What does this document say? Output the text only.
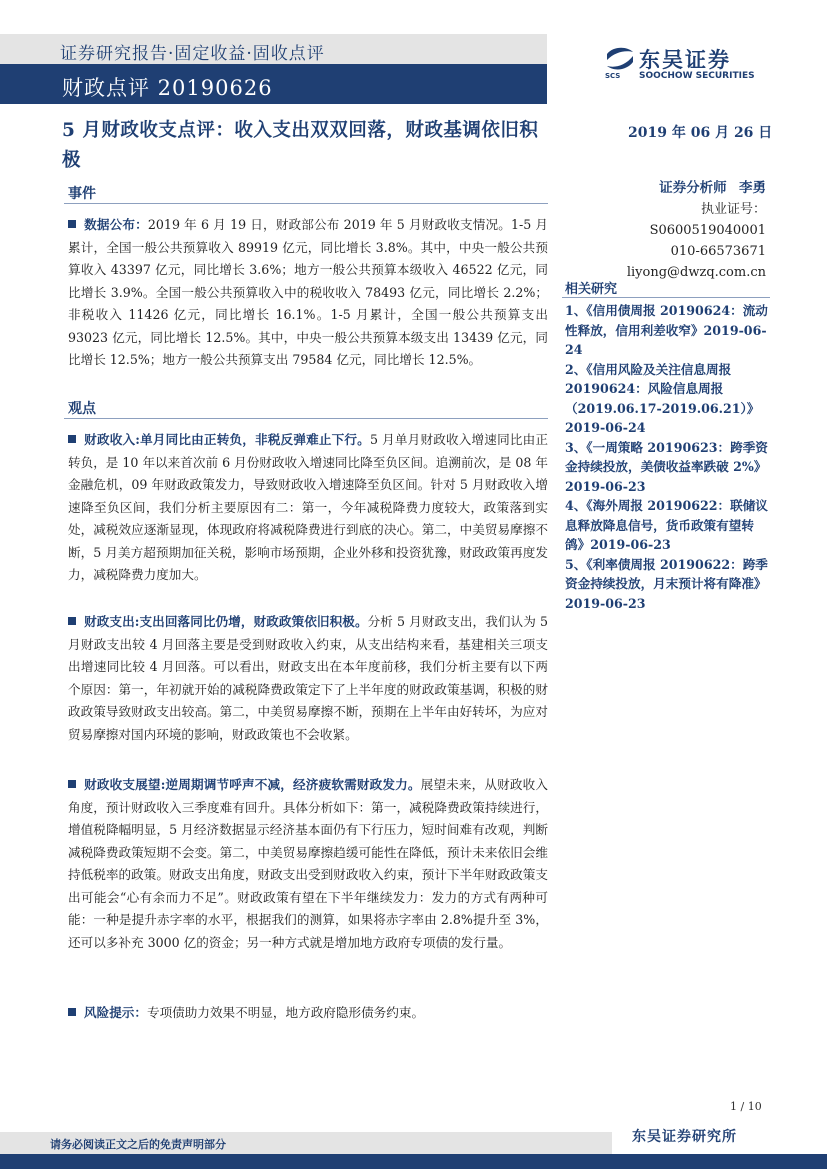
证券研究报告·固定收益·固收点评
财政点评 20190626	SCS
东吴证券
SOOCHOW SECURITIES
5 月财政收支点评：收入支出双双回落，财政基调依旧积极
2019 年 06 月 26 日
事件
数据公布：2019 年 6 月 19 日，财政部公布 2019 年 5 月财政收支情况。1-5 月累计，全国一般公共预算收入 89919 亿元，同比增长 3.8%。其中，中央一般公共预算收入 43397 亿元，同比增长 3.6%；地方一般公共预算本级收入 46522 亿元，同比增长 3.9%。全国一般公共预算收入中的税收收入 78493 亿元，同比增长 2.2%；非税收入 11426 亿元，同比增长 16.1%。1-5 月累计，全国一般公共预算支出 93023 亿元，同比增长 12.5%。其中，中央一般公共预算本级支出 13439 亿元，同比增长 12.5%；地方一般公共预算支出 79584 亿元，同比增长 12.5%。
观点
财政收入:单月同比由正转负，非税反弹难止下行。5 月单月财政收入增速同比由正转负，是 10 年以来首次前 6 月份财政收入增速同比降至负区间。追溯前次，是 08 年金融危机，09 年财政政策发力，导致财政收入增速降至负区间。针对 5 月财政收入增速降至负区间，我们分析主要原因有二：第一，今年减税降费力度较大，政策落到实处，减税效应逐渐显现，体现政府将减税降费进行到底的决心。第二，中美贸易摩擦不断，5 月美方超预期加征关税，影响市场预期，企业外移和投资犹豫，财政政策再度发力，减税降费力度加大。
财政支出:支出回落同比仍增，财政政策依旧积极。分析 5 月财政支出，我们认为 5 月财政支出较 4 月回落主要是受到财政收入约束，从支出结构来看，基建相关三项支出增速同比较 4 月回落。可以看出，财政支出在本年度前移，我们分析主要有以下两个原因：第一，年初就开始的减税降费政策定下了上半年度的财政政策基调，积极的财政政策导致财政支出较高。第二，中美贸易摩擦不断，预期在上半年由好转坏，为应对贸易摩擦对国内环境的影响，财政政策也不会收紧。
财政收支展望:逆周期调节呼声不减，经济疲软需财政发力。展望未来，从财政收入角度，预计财政收入三季度难有回升。具体分析如下：第一，减税降费政策持续进行，增值税降幅明显，5 月经济数据显示经济基本面仍有下行压力，短时间难有改观，判断减税降费政策短期不会变。第二，中美贸易摩擦趋缓可能性在降低，预计未来依旧会维持低税率的政策。财政支出角度，财政支出受到财政收入约束，预计下半年财政政策支出可能会“心有余而力不足”。财政政策有望在下半年继续发力：发力的方式有两种可能：一种是提升赤字率的水平，根据我们的测算，如果将赤字率由 2.8%提升至 3%，还可以多补充 3000 亿的资金；另一种方式就是增加地方政府专项债的发行量。
风险提示：专项债助力效果不明显，地方政府隐形债务约束。
证券分析师 李勇
执业证号：S0600519040001
010-66573671
liyong@dwzq.com.cn
相关研究
1、《信用债周报 20190624：流动性释放，信用利差收窄》2019-06-24
2、《信用风险及关注信息周报 20190624：风险信息周报（2019.06.17-2019.06.21）》2019-06-24
3、《一周策略 20190623：跨季资金持续投放，美债收益率跌破 2%》2019-06-23
4、《海外周报 20190622：联储议息释放降息信号，货币政策有望转鸽》2019-06-23
5、《利率债周报 20190622：跨季资金持续投放，月末预计将有降准》2019-06-23
1 / 10
请务必阅读正文之后的免责声明部分	东吴证券研究所
